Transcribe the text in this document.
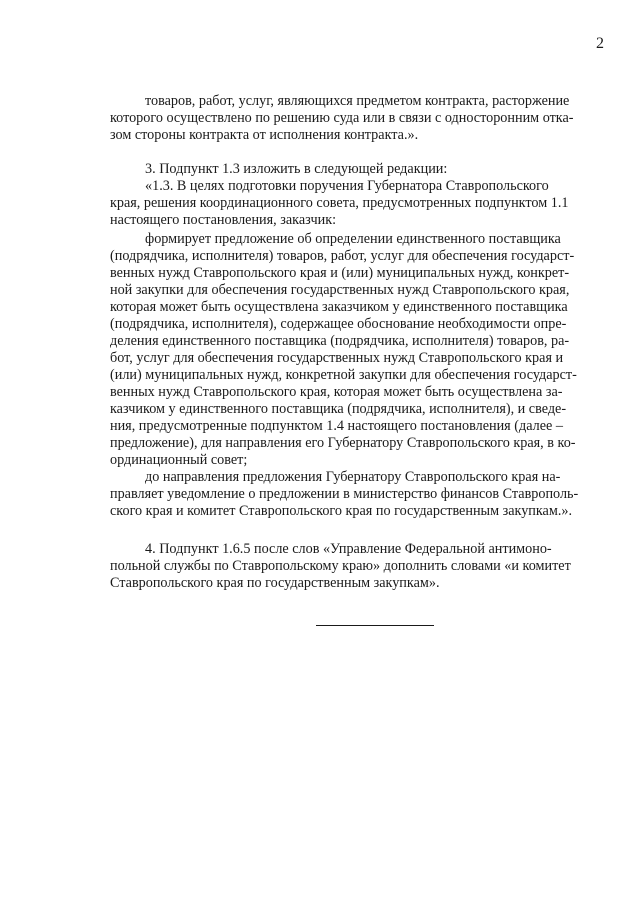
2
товаров, работ, услуг, являющихся предметом контракта, расторжение
которого осуществлено по решению суда или в связи с односторонним отка-
зом стороны контракта от исполнения контракта.».
3. Подпункт 1.3 изложить в следующей редакции:
«1.3. В целях подготовки поручения Губернатора Ставропольского
края, решения координационного совета, предусмотренных подпунктом 1.1
настоящего постановления, заказчик:
формирует предложение об определении единственного поставщика
(подрядчика, исполнителя) товаров, работ, услуг для обеспечения государст-
венных нужд Ставропольского края и (или) муниципальных нужд, конкрет-
ной закупки для обеспечения государственных нужд Ставропольского края,
которая может быть осуществлена заказчиком у единственного поставщика
(подрядчика, исполнителя), содержащее обоснование необходимости опре-
деления единственного поставщика (подрядчика, исполнителя) товаров, ра-
бот, услуг для обеспечения государственных нужд Ставропольского края и
(или) муниципальных нужд, конкретной закупки для обеспечения государст-
венных нужд Ставропольского края, которая может быть осуществлена за-
казчиком у единственного поставщика (подрядчика, исполнителя), и сведе-
ния, предусмотренные подпунктом 1.4 настоящего постановления (далее –
предложение), для направления его Губернатору Ставропольского края, в ко-
ординационный совет;
до направления предложения Губернатору Ставропольского края на-
правляет уведомление о предложении в министерство финансов Ставрополь-
ского края и комитет Ставропольского края по государственным закупкам.».
4. Подпункт 1.6.5 после слов «Управление Федеральной антимоно-
польной службы по Ставропольскому краю» дополнить словами «и комитет
Ставропольского края по государственным закупкам».
